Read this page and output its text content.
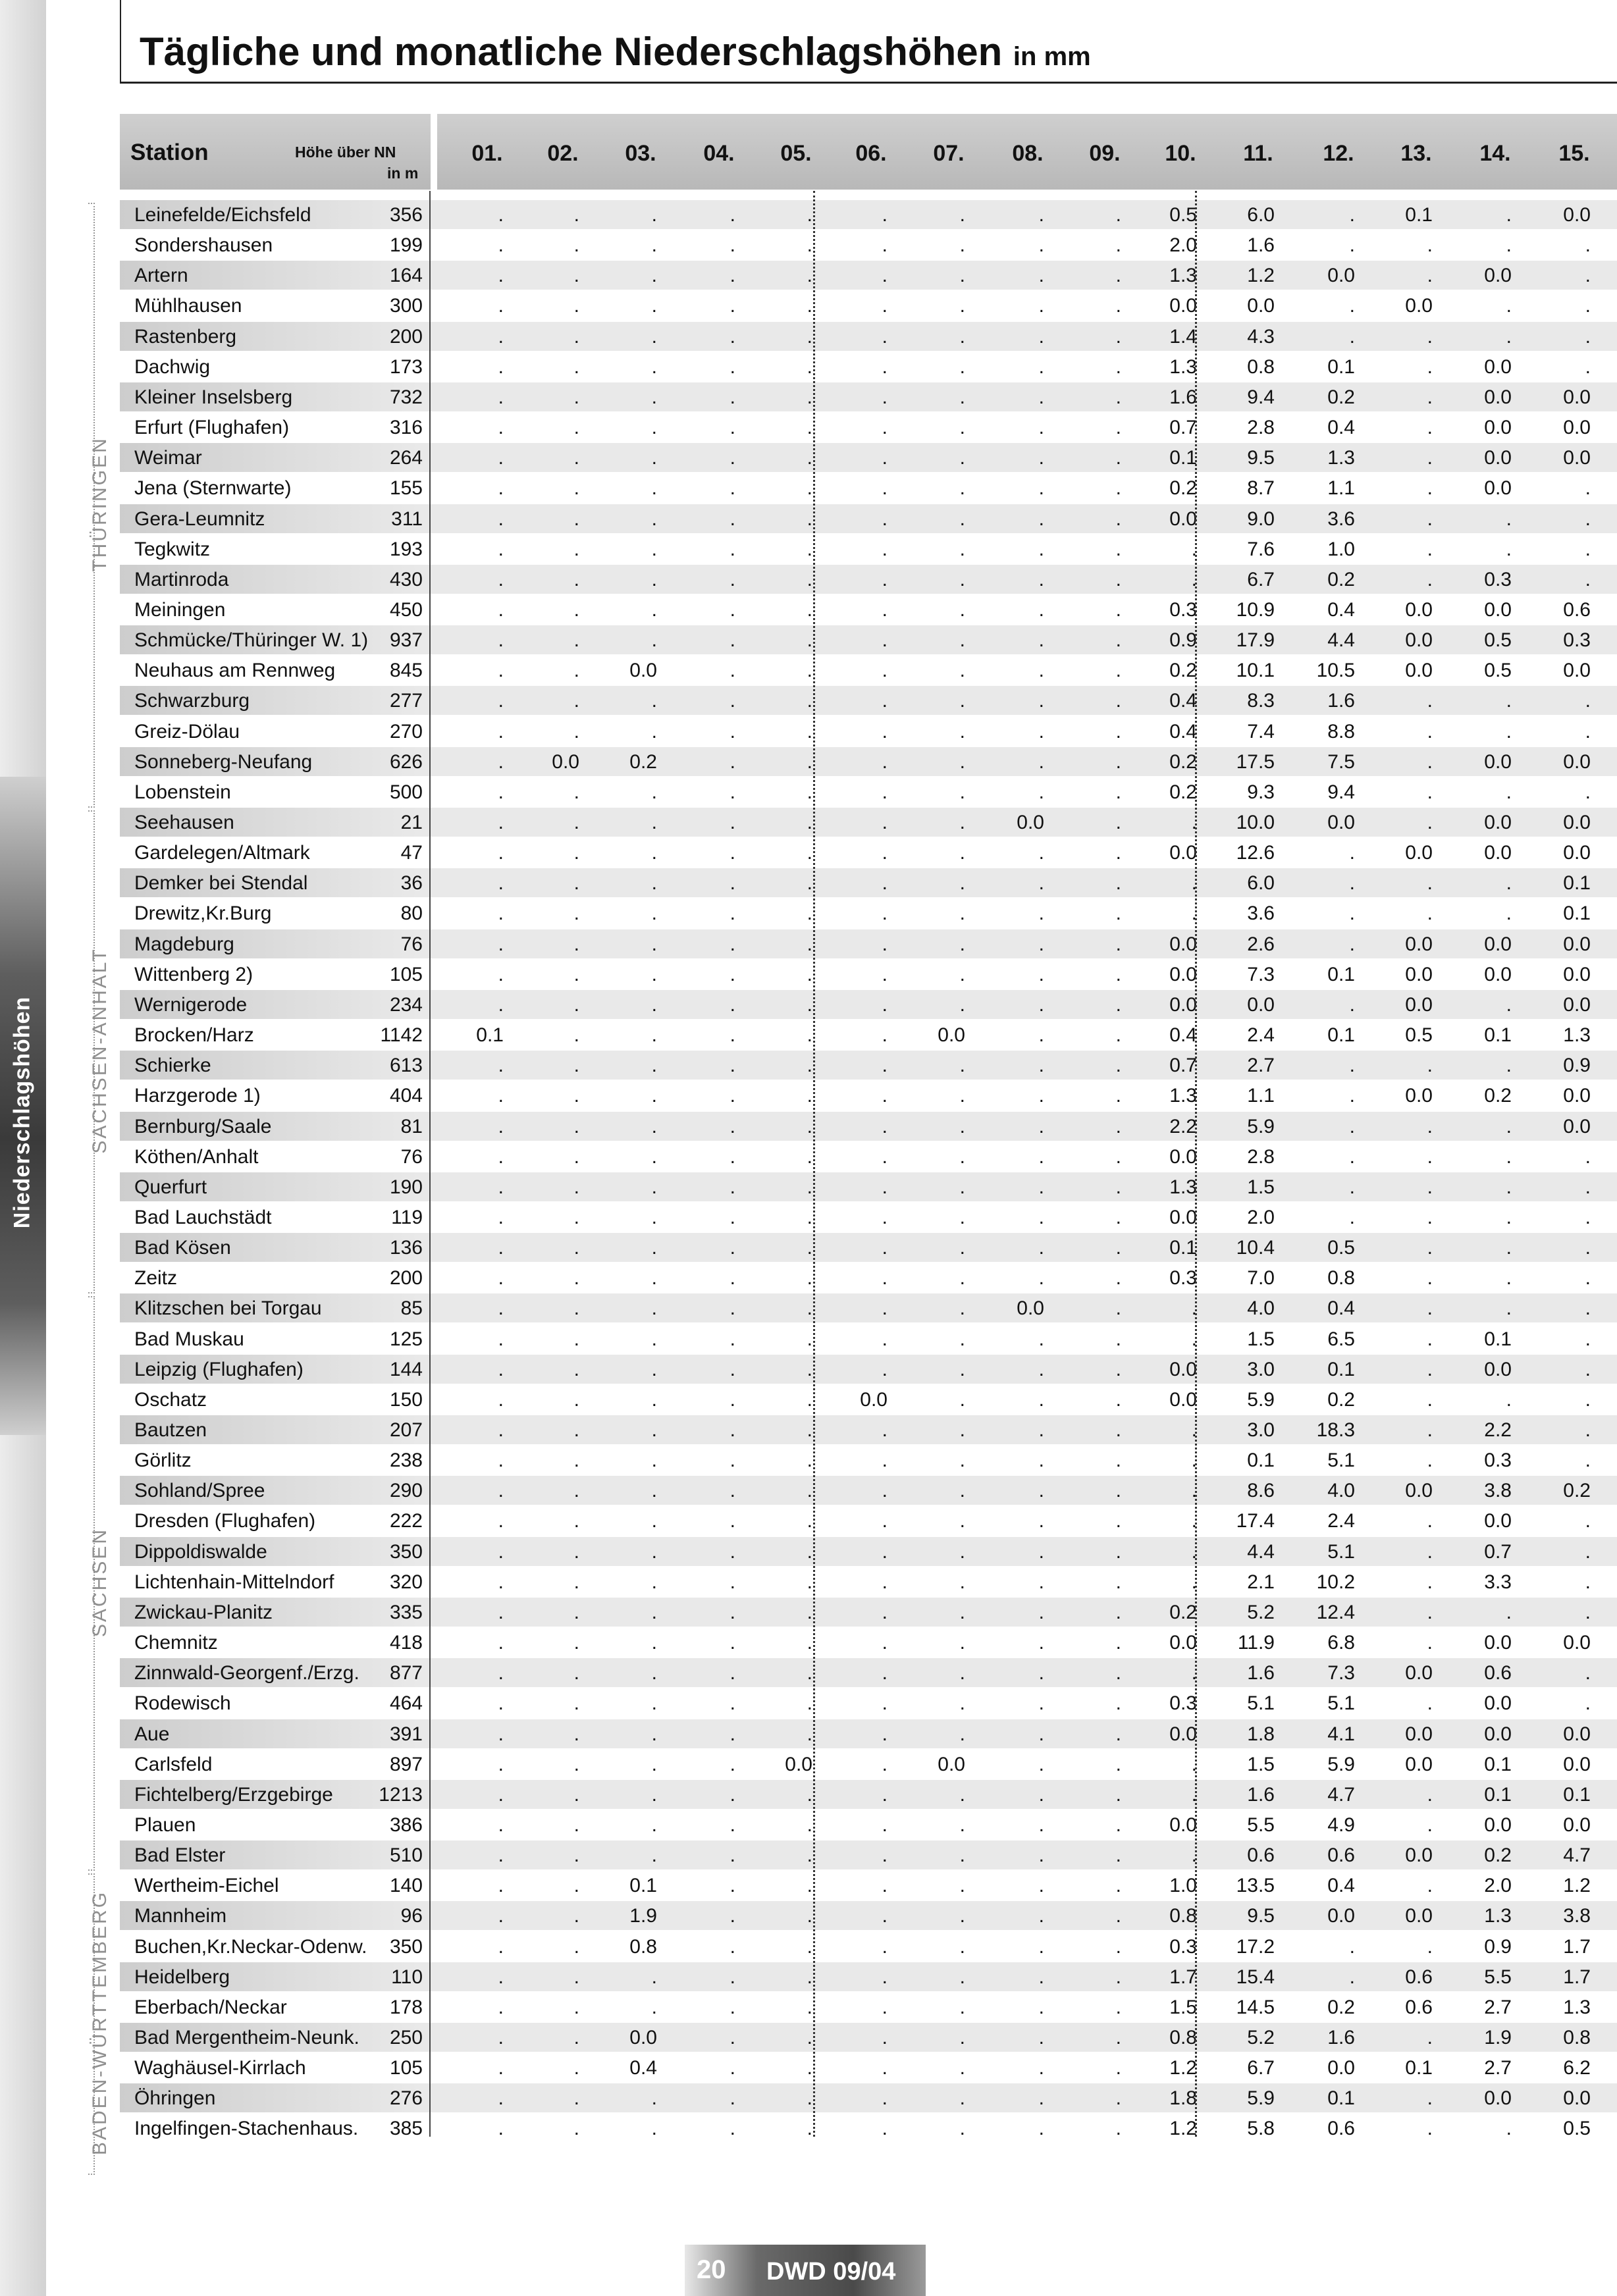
Niederschlagshöhen
Tägliche und monatliche Niederschlagshöhen in mm
Station	Höhe über NN
in m
01.	02.	03.	04.	05.	06.	07.	08.	09.	10.	11.	12.	13.	14.	15.
Leinefelde/Eichsfeld	356	.	.	.	.	.	.	.	.	.	0.5	6.0	.	0.1	.	0.0
Sondershausen	199	.	.	.	.	.	.	.	.	.	2.0	1.6	.	.	.	.
Artern	164	.	.	.	.	.	.	.	.	.	1.3	1.2	0.0	.	0.0	.
Mühlhausen	300	.	.	.	.	.	.	.	.	.	0.0	0.0	.	0.0	.	.
Rastenberg	200	.	.	.	.	.	.	.	.	.	1.4	4.3	.	.	.	.
Dachwig	173	.	.	.	.	.	.	.	.	.	1.3	0.8	0.1	.	0.0	.
Kleiner Inselsberg	732	.	.	.	.	.	.	.	.	.	1.6	9.4	0.2	.	0.0	0.0
Erfurt (Flughafen)	316	.	.	.	.	.	.	.	.	.	0.7	2.8	0.4	.	0.0	0.0
Weimar	264	.	.	.	.	.	.	.	.	.	0.1	9.5	1.3	.	0.0	0.0
Jena (Sternwarte)	155	.	.	.	.	.	.	.	.	.	0.2	8.7	1.1	.	0.0	.
Gera-Leumnitz	311	.	.	.	.	.	.	.	.	.	0.0	9.0	3.6	.	.	.
Tegkwitz	193	.	.	.	.	.	.	.	.	.	.	7.6	1.0	.	.	.
Martinroda	430	.	.	.	.	.	.	.	.	.	.	6.7	0.2	.	0.3	.
Meiningen	450	.	.	.	.	.	.	.	.	.	0.3	10.9	0.4	0.0	0.0	0.6
Schmücke/Thüringer W. 1)	937	.	.	.	.	.	.	.	.	.	0.9	17.9	4.4	0.0	0.5	0.3
Neuhaus am Rennweg	845	.	.	0.0	.	.	.	.	.	.	0.2	10.1	10.5	0.0	0.5	0.0
Schwarzburg	277	.	.	.	.	.	.	.	.	.	0.4	8.3	1.6	.	.	.
Greiz-Dölau	270	.	.	.	.	.	.	.	.	.	0.4	7.4	8.8	.	.	.
Sonneberg-Neufang	626	.	0.0	0.2	.	.	.	.	.	.	0.2	17.5	7.5	.	0.0	0.0
Lobenstein	500	.	.	.	.	.	.	.	.	.	0.2	9.3	9.4	.	.	.
Seehausen	21	.	.	.	.	.	.	.	0.0	.	.	10.0	0.0	.	0.0	0.0
Gardelegen/Altmark	47	.	.	.	.	.	.	.	.	.	0.0	12.6	.	0.0	0.0	0.0
Demker bei Stendal	36	.	.	.	.	.	.	.	.	.	.	6.0	.	.	.	0.1
Drewitz,Kr.Burg	80	.	.	.	.	.	.	.	.	.	.	3.6	.	.	.	0.1
Magdeburg	76	.	.	.	.	.	.	.	.	.	0.0	2.6	.	0.0	0.0	0.0
Wittenberg 2)	105	.	.	.	.	.	.	.	.	.	0.0	7.3	0.1	0.0	0.0	0.0
Wernigerode	234	.	.	.	.	.	.	.	.	.	0.0	0.0	.	0.0	.	0.0
Brocken/Harz	1142	0.1	.	.	.	.	.	0.0	.	.	0.4	2.4	0.1	0.5	0.1	1.3
Schierke	613	.	.	.	.	.	.	.	.	.	0.7	2.7	.	.	.	0.9
Harzgerode 1)	404	.	.	.	.	.	.	.	.	.	1.3	1.1	.	0.0	0.2	0.0
Bernburg/Saale	81	.	.	.	.	.	.	.	.	.	2.2	5.9	.	.	.	0.0
Köthen/Anhalt	76	.	.	.	.	.	.	.	.	.	0.0	2.8	.	.	.	.
Querfurt	190	.	.	.	.	.	.	.	.	.	1.3	1.5	.	.	.	.
Bad Lauchstädt	119	.	.	.	.	.	.	.	.	.	0.0	2.0	.	.	.	.
Bad Kösen	136	.	.	.	.	.	.	.	.	.	0.1	10.4	0.5	.	.	.
Zeitz	200	.	.	.	.	.	.	.	.	.	0.3	7.0	0.8	.	.	.
Klitzschen bei Torgau	85	.	.	.	.	.	.	.	0.0	.	.	4.0	0.4	.	.	.
Bad Muskau	125	.	.	.	.	.	.	.	.	.	.	1.5	6.5	.	0.1	.
Leipzig (Flughafen)	144	.	.	.	.	.	.	.	.	.	0.0	3.0	0.1	.	0.0	.
Oschatz	150	.	.	.	.	.	0.0	.	.	.	0.0	5.9	0.2	.	.	.
Bautzen	207	.	.	.	.	.	.	.	.	.	.	3.0	18.3	.	2.2	.
Görlitz	238	.	.	.	.	.	.	.	.	.	.	0.1	5.1	.	0.3	.
Sohland/Spree	290	.	.	.	.	.	.	.	.	.	.	8.6	4.0	0.0	3.8	0.2
Dresden (Flughafen)	222	.	.	.	.	.	.	.	.	.	.	17.4	2.4	.	0.0	.
Dippoldiswalde	350	.	.	.	.	.	.	.	.	.	.	4.4	5.1	.	0.7	.
Lichtenhain-Mittelndorf	320	.	.	.	.	.	.	.	.	.	.	2.1	10.2	.	3.3	.
Zwickau-Planitz	335	.	.	.	.	.	.	.	.	.	0.2	5.2	12.4	.	.	.
Chemnitz	418	.	.	.	.	.	.	.	.	.	0.0	11.9	6.8	.	0.0	0.0
Zinnwald-Georgenf./Erzg.	877	.	.	.	.	.	.	.	.	.	.	1.6	7.3	0.0	0.6	.
Rodewisch	464	.	.	.	.	.	.	.	.	.	0.3	5.1	5.1	.	0.0	.
Aue	391	.	.	.	.	.	.	.	.	.	0.0	1.8	4.1	0.0	0.0	0.0
Carlsfeld	897	.	.	.	.	0.0	.	0.0	.	.	.	1.5	5.9	0.0	0.1	0.0
Fichtelberg/Erzgebirge	1213	.	.	.	.	.	.	.	.	.	.	1.6	4.7	.	0.1	0.1
Plauen	386	.	.	.	.	.	.	.	.	.	0.0	5.5	4.9	.	0.0	0.0
Bad Elster	510	.	.	.	.	.	.	.	.	.	.	0.6	0.6	0.0	0.2	4.7
Wertheim-Eichel	140	.	.	0.1	.	.	.	.	.	.	1.0	13.5	0.4	.	2.0	1.2
Mannheim	96	.	.	1.9	.	.	.	.	.	.	0.8	9.5	0.0	0.0	1.3	3.8
Buchen,Kr.Neckar-Odenw.	350	.	.	0.8	.	.	.	.	.	.	0.3	17.2	.	.	0.9	1.7
Heidelberg	110	.	.	.	.	.	.	.	.	.	1.7	15.4	.	0.6	5.5	1.7
Eberbach/Neckar	178	.	.	.	.	.	.	.	.	.	1.5	14.5	0.2	0.6	2.7	1.3
Bad Mergentheim-Neunk.	250	.	.	0.0	.	.	.	.	.	.	0.8	5.2	1.6	.	1.9	0.8
Waghäusel-Kirrlach	105	.	.	0.4	.	.	.	.	.	.	1.2	6.7	0.0	0.1	2.7	6.2
Öhringen	276	.	.	.	.	.	.	.	.	.	1.8	5.9	0.1	.	0.0	0.0
Ingelfingen-Stachenhaus.	385	.	.	.	.	.	.	.	.	.	1.2	5.8	0.6	.	.	0.5
THÜRINGEN
SACHSEN-ANHALT
SACHSEN
BADEN-WÜRTTEMBERG
20 DWD 09/04
